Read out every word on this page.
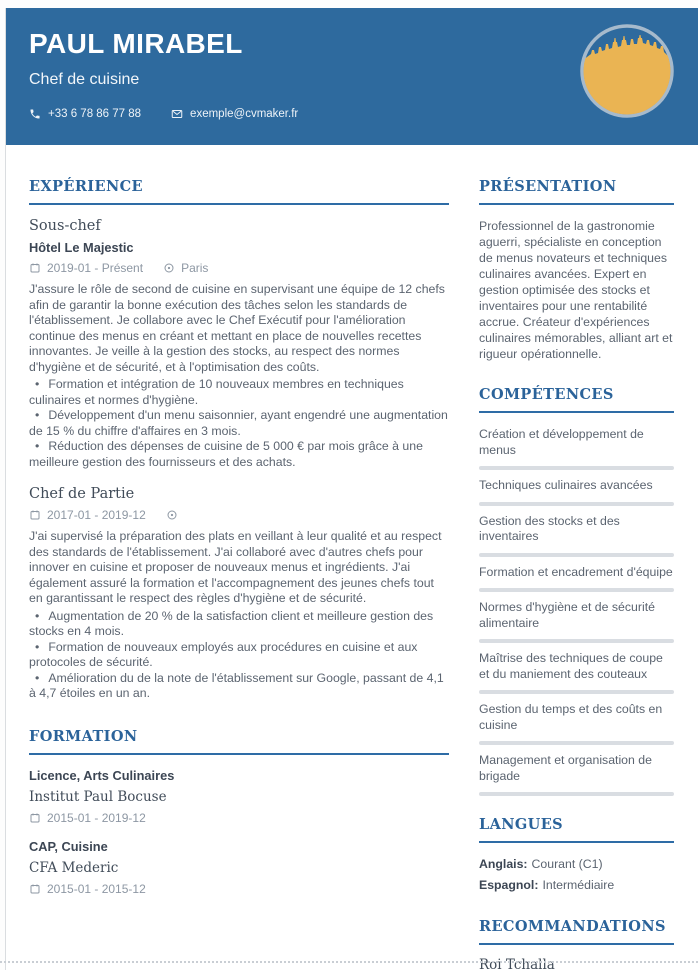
PAUL MIRABEL
Chef de cuisine
+33 6 78 86 77 88	exemple@cvmaker.fr
EXPÉRIENCE
Sous-chef
Hôtel Le Majestic
2019-01 - Présent	Paris
J'assure le rôle de second de cuisine en supervisant une équipe de 12 chefs afin de garantir la bonne exécution des tâches selon les standards de l'établissement. Je collabore avec le Chef Exécutif pour l'amélioration continue des menus en créant et mettant en place de nouvelles recettes innovantes. Je veille à la gestion des stocks, au respect des normes d'hygiène et de sécurité, et à l'optimisation des coûts.
• Formation et intégration de 10 nouveaux membres en techniques culinaires et normes d'hygiène.
• Développement d'un menu saisonnier, ayant engendré une augmentation de 15 % du chiffre d'affaires en 3 mois.
• Réduction des dépenses de cuisine de 5 000 € par mois grâce à une meilleure gestion des fournisseurs et des achats.
Chef de Partie
2017-01 - 2019-12
J'ai supervisé la préparation des plats en veillant à leur qualité et au respect des standards de l'établissement. J'ai collaboré avec d'autres chefs pour innover en cuisine et proposer de nouveaux menus et ingrédients. J'ai également assuré la formation et l'accompagnement des jeunes chefs tout en garantissant le respect des règles d'hygiène et de sécurité.
• Augmentation de 20 % de la satisfaction client et meilleure gestion des stocks en 4 mois.
• Formation de nouveaux employés aux procédures en cuisine et aux protocoles de sécurité.
• Amélioration du de la note de l'établissement sur Google, passant de 4,1 à 4,7 étoiles en un an.
FORMATION
Licence, Arts Culinaires
Institut Paul Bocuse
2015-01 - 2019-12
CAP, Cuisine
CFA Mederic
2015-01 - 2015-12
PRÉSENTATION
Professionnel de la gastronomie aguerri, spécialiste en conception de menus novateurs et techniques culinaires avancées. Expert en gestion optimisée des stocks et inventaires pour une rentabilité accrue. Créateur d'expériences culinaires mémorables, alliant art et rigueur opérationnelle.
COMPÉTENCES
Création et développement de menus
Techniques culinaires avancées
Gestion des stocks et des inventaires
Formation et encadrement d'équipe
Normes d'hygiène et de sécurité alimentaire
Maîtrise des techniques de coupe et du maniement des couteaux
Gestion du temps et des coûts en cuisine
Management et organisation de brigade
LANGUES
Anglais: Courant (C1)
Espagnol: Intermédiaire
RECOMMANDATIONS
Roi Tchalla
